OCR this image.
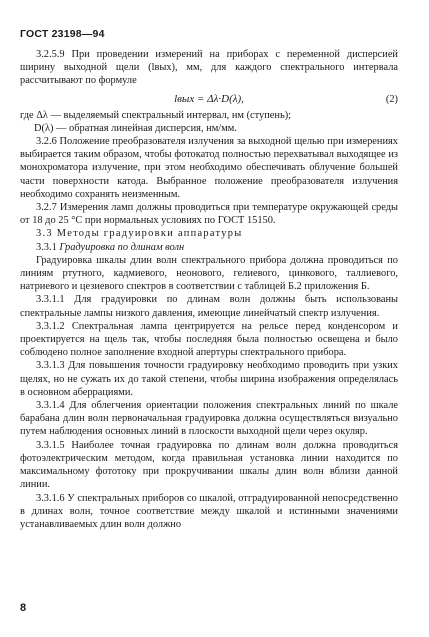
ГОСТ 23198—94

3.2.5.9 При проведении измерений на приборах с переменной дисперсией ширину выходной щели (lвых), мм, для каждого спектрального интервала рассчитывают по формуле

lвых = Δλ·D(λ),	(2)

где Δλ — выделяемый спектральный интервал, нм (ступень);

D(λ) — обратная линейная дисперсия, нм/мм.

3.2.6 Положение преобразователя излучения за выходной щелью при измерениях выбирается таким образом, чтобы фотокатод полностью перехватывал выходящее из монохроматора излучение, при этом необходимо обеспечивать облучение большей части поверхности катода. Выбранное положение преобразователя излучения необходимо сохранять неизменным.

3.2.7 Измерения ламп должны проводиться при температуре окружающей среды от 18 до 25 °С при нормальных условиях по ГОСТ 15150.

3.3 Методы градуировки аппаратуры

3.3.1 Градуировка по длинам волн

Градуировка шкалы длин волн спектрального прибора должна проводиться по линиям ртутного, кадмиевого, неонового, гелиевого, цинкового, таллиевого, натриевого и цезиевого спектров в соответствии с таблицей Б.2 приложения Б.

3.3.1.1 Для градуировки по длинам волн должны быть использованы спектральные лампы низкого давления, имеющие линейчатый спектр излучения.

3.3.1.2 Спектральная лампа центрируется на рельсе перед конденсором и проектируется на щель так, чтобы последняя была полностью освещена и было соблюдено полное заполнение входной апертуры спектрального прибора.

3.3.1.3 Для повышения точности градуировку необходимо проводить при узких щелях, но не сужать их до такой степени, чтобы ширина изображения определялась в основном аберрациями.

3.3.1.4 Для облегчения ориентации положения спектральных линий по шкале барабана длин волн первоначальная градуировка должна осуществляться визуально путем наблюдения основных линий в плоскости выходной щели через окуляр.

3.3.1.5 Наиболее точная градуировка по длинам волн должна проводиться фотоэлектрическим методом, когда правильная установка линии находится по максимальному фототоку при прокручивании шкалы длин волн вблизи данной линии.

3.3.1.6 У спектральных приборов со шкалой, отградуированной непосредственно в длинах волн, точное соответствие между шкалой и истинными значениями устанавливаемых длин волн должно

8
